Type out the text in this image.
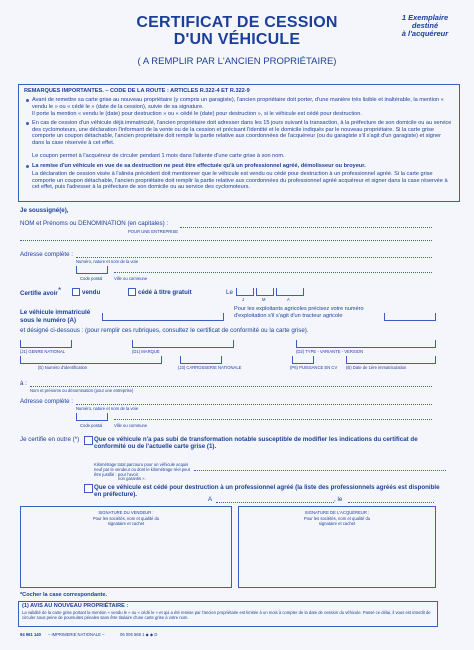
CERTIFICAT DE CESSION
D'UN VÉHICULE
( A REMPLIR PAR L'ANCIEN PROPRIÉTAIRE)
1 Exemplaire
destiné
à l'acquéreur
REMARQUES IMPORTANTES. – CODE DE LA ROUTE : ARTICLES R.322-4 ET R.322-9
Avant de remettre sa carte grise au nouveau propriétaire (y compris un garagiste), l'ancien propriétaire doit porter, d'une manière très lisible et inaltérable, la mention « vendu le » ou « cédé le » (date de la cession), suivie de sa signature.
Il porte la mention « vendu le (date) pour destruction » ou « cédé le (date) pour destruction », si le véhicule est cédé pour destruction.
En cas de cession d'un véhicule déjà immatriculé, l'ancien propriétaire doit adresser dans les 15 jours suivant la transaction, à la préfecture de son domicile ou au service des cyclomoteurs, une déclaration l'informant de la vente ou de la cession et précisant l'identité et le domicile indiqués par le nouveau propriétaire. Si la carte grise comporte un coupon détachable, l'ancien propriétaire doit remplir la partie relative aux coordonnées de l'acquéreur (ou du garagiste s'il s'agit d'un garagiste) et signer dans la case réservée à cet effet.
Le coupon permet à l'acquéreur de circuler pendant 1 mois dans l'attente d'une carte grise à son nom.
La remise d'un véhicule en vue de sa destruction ne peut être effectuée qu'à un professionnel agréé, démolisseur ou broyeur.
La déclaration de cession visée à l'alinéa précédent doit mentionner que le véhicule est vendu ou cédé pour destruction à un professionnel agréé. Si la carte grise comporte un coupon détachable, l'ancien propriétaire doit remplir la partie relative aux coordonnées du professionnel agréé acquéreur et signer dans la case réservée à cet effet, puis l'adresser à la préfecture de son domicile ou au service des cyclomoteurs.
Je soussigné(e),
NOM et Prénoms ou DENOMINATION (en capitales) :
POUR UNE ENTREPRISE
Adresse complète :
Numéro, nature et nom de la voie
Code postal	Ville ou commune
Certifie avoir *	vendu	cédé à titre gratuit	Le
J	M	A
Le véhicule immatriculé
sous le numéro (A)
Pour les exploitants agricoles précisez votre numéro d'exploitation s'il s'agit d'un tracteur agricole
et désigné ci-dessous : (pour remplir ces rubriques, consultez le certificat de conformité ou la carte grise).
(J1) GENRE NATIONAL	(D1) MARQUE	(D2) TYPE - VARIANTE - VERSION
(E) Numéro d'identification	(J3) CARROSSERIE NATIONALE	(P6) PUISSANCE EN CV (B) Date de 1ère immatriculation
à :
Nom et prénoms ou dénomination (pour une entreprise)
Adresse complète :
Numéro, nature et nom de la voie
Code postal	Ville ou commune
Je certifie en outre (*) Que ce véhicule n'a pas subi de transformation notable susceptible de modifier les indications du certificat de conformité ou de l'actuelle carte grise (1).
Kilométrage total parcouru pour un véhicule acquis neuf par le vendeur ou dont le kilométrage réel peut être justifié : pour l'avoir
non garantis ».
Que ce véhicule est cédé pour destruction à un professionnel agréé (la liste des professionnels agréés est disponible en préfecture).
A	, le
SIGNATURE DU VENDEUR :
Pour les sociétés, nom et qualité du signataire et cachet
SIGNATURE DE L'ACQUÉREUR :
Pour les sociétés, nom et qualité du signataire et cachet
*Cocher la case correspondante.
(1) AVIS AU NOUVEAU PROPRIÉTAIRE :
La validité de la carte grise portant la mention « vendu le » ou « cédé le » et qui a été remise par l'ancien propriétaire est limitée à un mois à compter de la date de cession du véhicule. Passé ce délai, il vous est interdit de circuler sous peine de poursuites pénales sans être titulaire d'une carte grise à votre nom.
94 961 140 – IMPRIMERIE NATIONALE –	06 005 568 1 ◆ ◆ D
